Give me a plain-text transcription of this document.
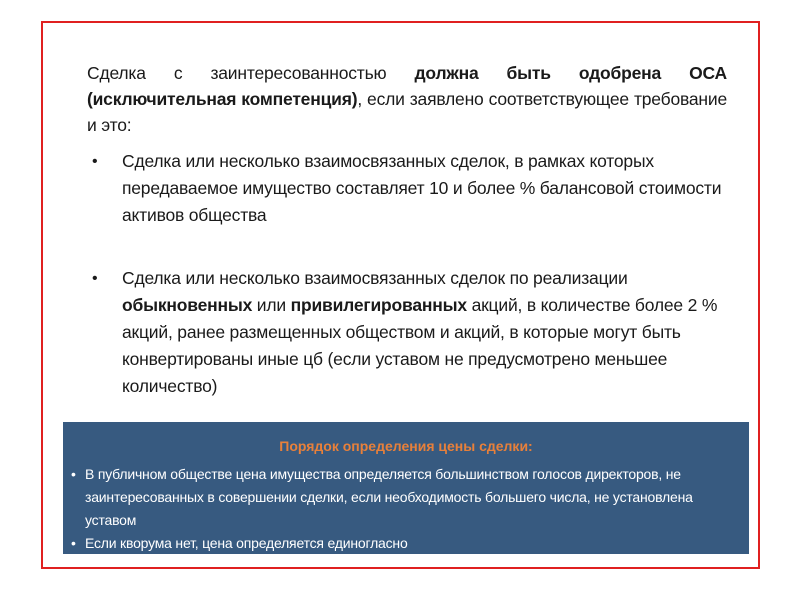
Сделка с заинтересованностью должна быть одобрена ОСА (исключительная компетенция), если заявлено соответствующее требование и это:

• Сделка или несколько взаимосвязанных сделок, в рамках которых передаваемое имущество составляет 10 и более % балансовой стоимости активов общества
• Сделка или несколько взаимосвязанных сделок по реализации обыкновенных или привилегированных акций, в количестве более 2 % акций, ранее размещенных обществом и акций, в которые могут быть конвертированы иные цб (если уставом не предусмотрено меньшее количество)
Порядок определения цены сделки:
• В публичном обществе цена имущества определяется большинством голосов директоров, не заинтересованных в совершении сделки, если необходимость большего числа, не установлена уставом
• Если кворума нет, цена определяется единогласно
